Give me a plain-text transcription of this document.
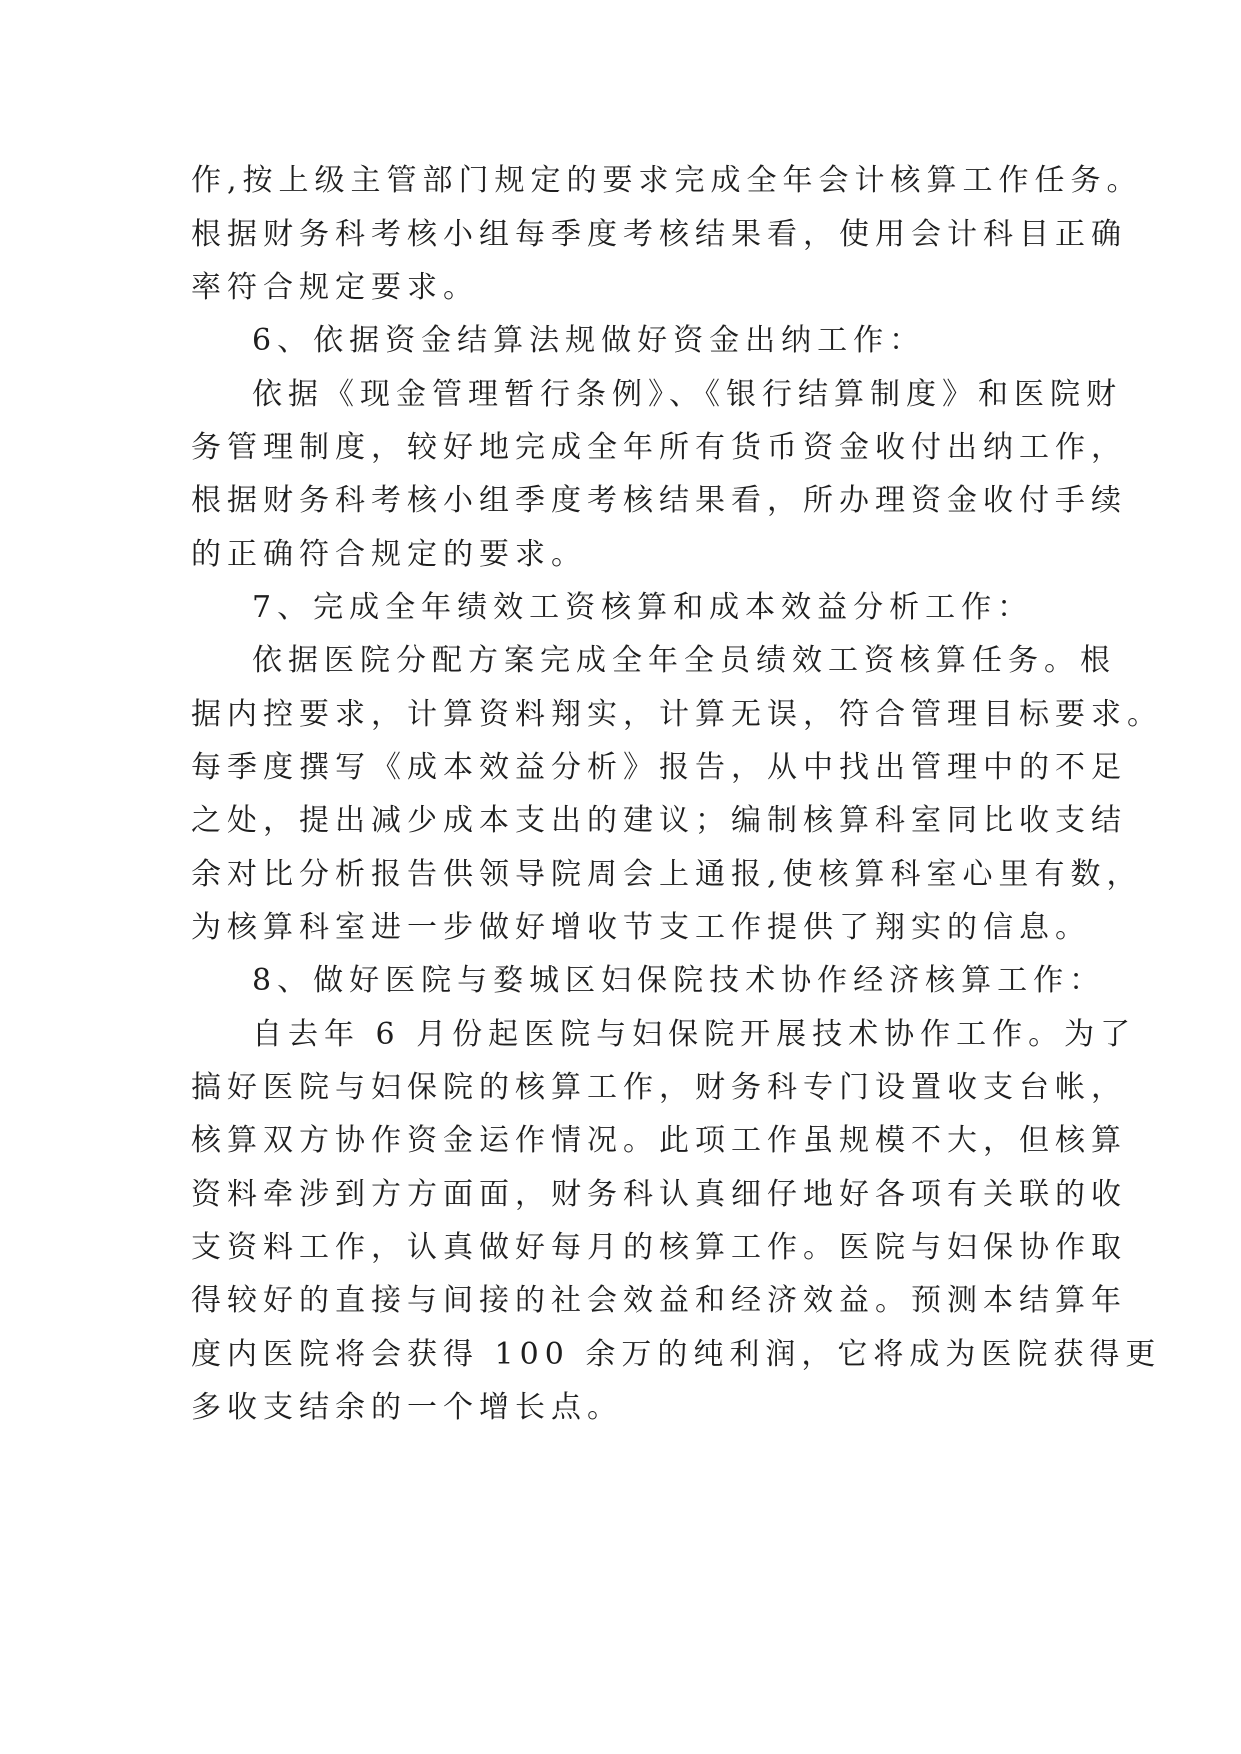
作,按上级主管部门规定的要求完成全年会计核算工作任务。

根据财务科考核小组每季度考核结果看，使用会计科目正确

率符合规定要求。

6、依据资金结算法规做好资金出纳工作：

依据《现金管理暂行条例》、《银行结算制度》和医院财

务管理制度，较好地完成全年所有货币资金收付出纳工作，

根据财务科考核小组季度考核结果看，所办理资金收付手续

的正确符合规定的要求。

7、完成全年绩效工资核算和成本效益分析工作：

依据医院分配方案完成全年全员绩效工资核算任务。根

据内控要求，计算资料翔实，计算无误，符合管理目标要求。

每季度撰写《成本效益分析》报告，从中找出管理中的不足

之处，提出减少成本支出的建议；编制核算科室同比收支结

余对比分析报告供领导院周会上通报,使核算科室心里有数，

为核算科室进一步做好增收节支工作提供了翔实的信息。

8、做好医院与婺城区妇保院技术协作经济核算工作：

自去年 6 月份起医院与妇保院开展技术协作工作。为了

搞好医院与妇保院的核算工作，财务科专门设置收支台帐，

核算双方协作资金运作情况。此项工作虽规模不大，但核算

资料牵涉到方方面面，财务科认真细仔地好各项有关联的收

支资料工作，认真做好每月的核算工作。医院与妇保协作取

得较好的直接与间接的社会效益和经济效益。预测本结算年

度内医院将会获得 100 余万的纯利润，它将成为医院获得更

多收支结余的一个增长点。
